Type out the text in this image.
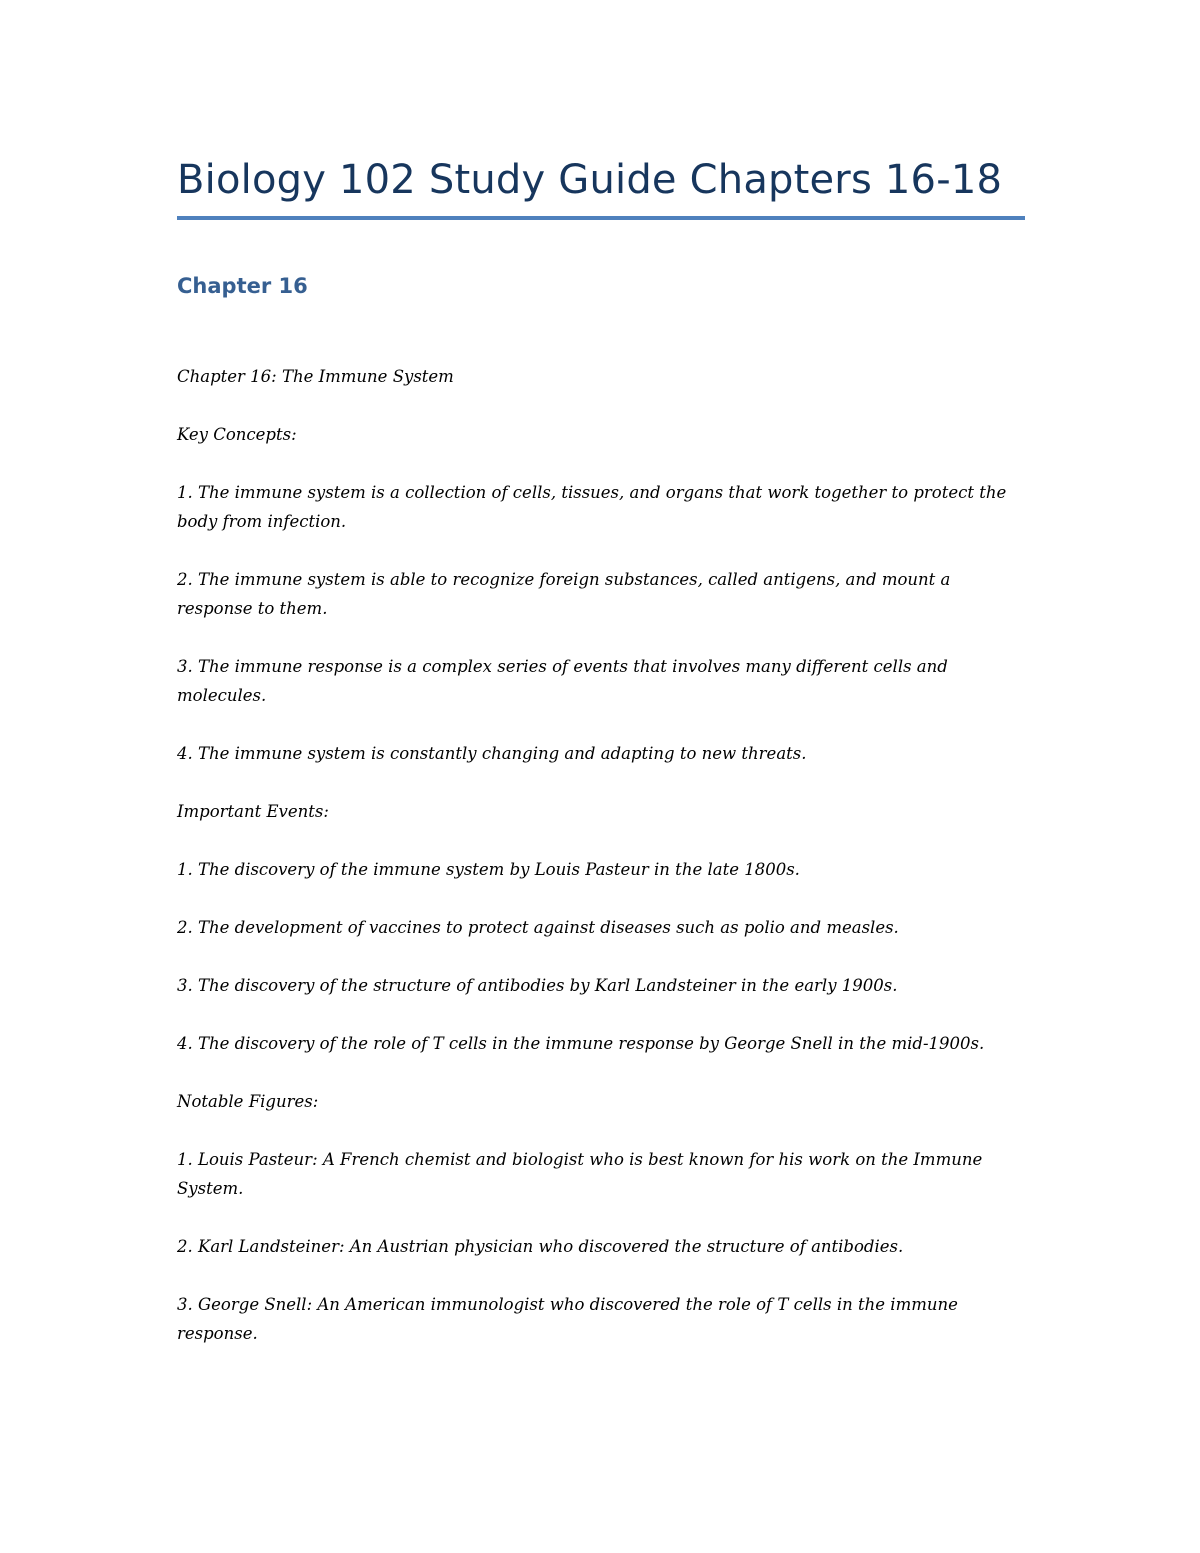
Biology 102 Study Guide Chapters 16-18
Chapter 16

Chapter 16: The Immune System

Key Concepts:

1. The immune system is a collection of cells, tissues, and organs that work together to protect the body from infection.

2. The immune system is able to recognize foreign substances, called antigens, and mount a response to them.

3. The immune response is a complex series of events that involves many different cells and molecules.

4. The immune system is constantly changing and adapting to new threats.

Important Events:

1. The discovery of the immune system by Louis Pasteur in the late 1800s.

2. The development of vaccines to protect against diseases such as polio and measles.

3. The discovery of the structure of antibodies by Karl Landsteiner in the early 1900s.

4. The discovery of the role of T cells in the immune response by George Snell in the mid-1900s.

Notable Figures:

1. Louis Pasteur: A French chemist and biologist who is best known for his work on the Immune System.

2. Karl Landsteiner: An Austrian physician who discovered the structure of antibodies.

3. George Snell: An American immunologist who discovered the role of T cells in the immune response.
